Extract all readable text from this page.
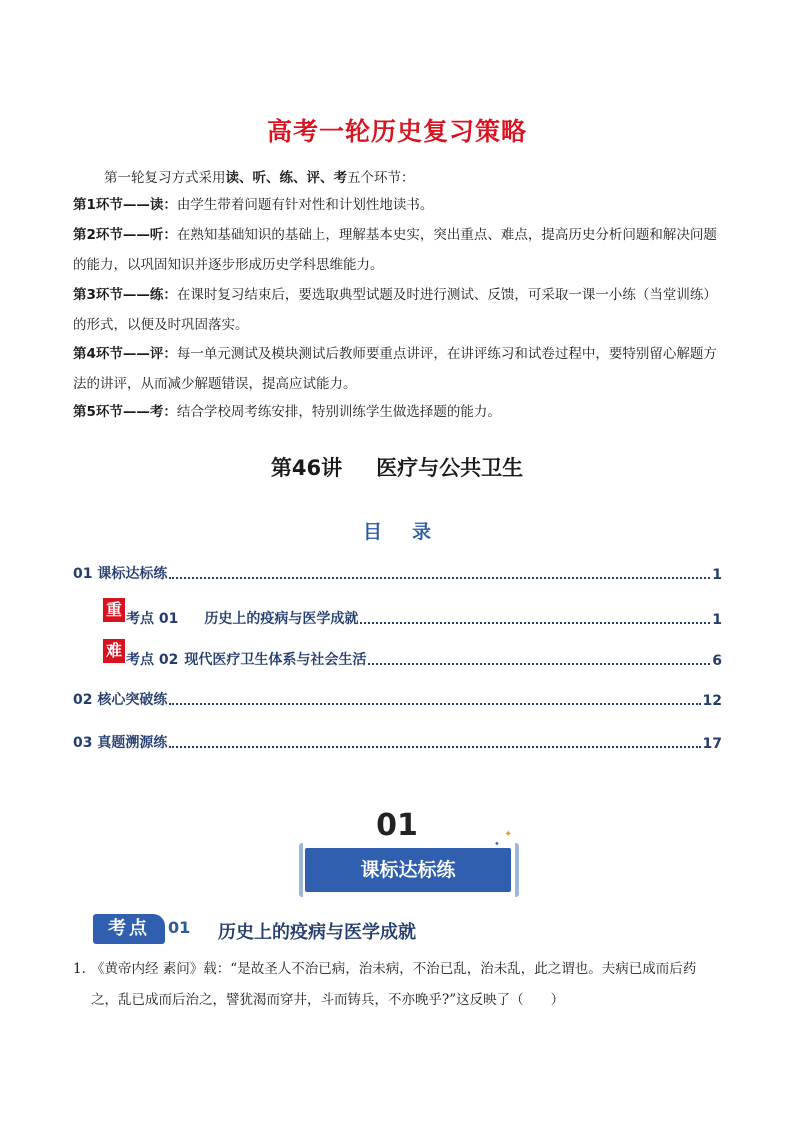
高考一轮历史复习策略
第一轮复习方式采用读、听、练、评、考五个环节：
第1环节——读：由学生带着问题有针对性和计划性地读书。
第2环节——听：在熟知基础知识的基础上，理解基本史实，突出重点、难点，提高历史分析问题和解决问题的能力，以巩固知识并逐步形成历史学科思维能力。
第3环节——练：在课时复习结束后，要选取典型试题及时进行测试、反馈，可采取一课一小练（当堂训练）的形式，以便及时巩固落实。
第4环节——评：每一单元测试及模块测试后教师要重点讲评，在讲评练习和试卷过程中，要特别留心解题方法的讲评，从而减少解题错误，提高应试能力。
第5环节——考：结合学校周考练安排，特别训练学生做选择题的能力。
第46讲 医疗与公共卫生
目 录
01 课标达标练	1
重 考点 01 历史上的疫病与医学成就	1
难 考点 02 现代医疗卫生体系与社会生活	6
02 核心突破练	12
03 真题溯源练	17
01
课标达标练
✦
✦
考点	01 历史上的疫病与医学成就
1．《黄帝内经 素问》载：“是故圣人不治已病，治未病，不治已乱，治未乱，此之谓也。夫病已成而后药
之，乱已成而后治之，譬犹渴而穿井，斗而铸兵，不亦晚乎?”这反映了（　　）
